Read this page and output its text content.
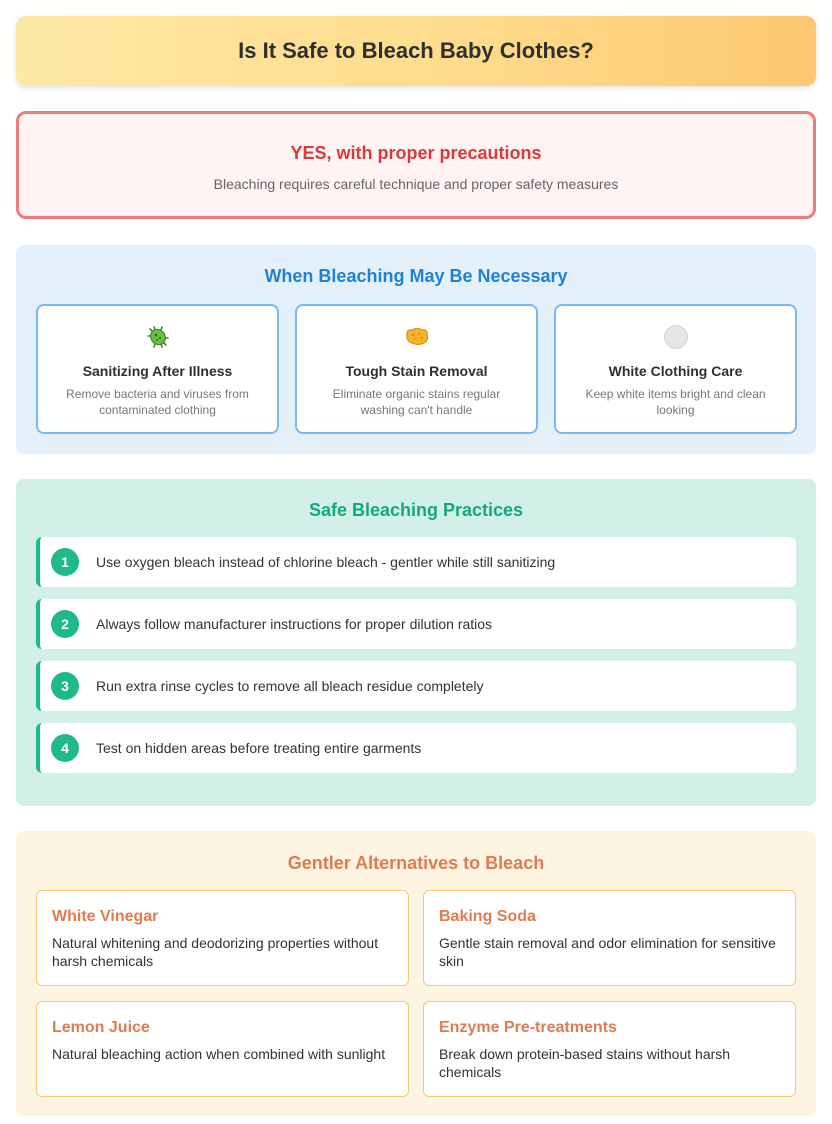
Is It Safe to Bleach Baby Clothes?
YES, with proper precautions
Bleaching requires careful technique and proper safety measures
When Bleaching May Be Necessary
Sanitizing After Illness

Remove bacteria and viruses from contaminated clothing

Tough Stain Removal

Eliminate organic stains regular washing can't handle

White Clothing Care

Keep white items bright and clean looking

Safe Bleaching Practices
1	Use oxygen bleach instead of chlorine bleach - gentler while still sanitizing
2	Always follow manufacturer instructions for proper dilution ratios
3	Run extra rinse cycles to remove all bleach residue completely
4	Test on hidden areas before treating entire garments
Gentler Alternatives to Bleach
White Vinegar

Natural whitening and deodorizing properties without harsh chemicals

Baking Soda

Gentle stain removal and odor elimination for sensitive skin

Lemon Juice

Natural bleaching action when combined with sunlight

Enzyme Pre-treatments

Break down protein-based stains without harsh chemicals
